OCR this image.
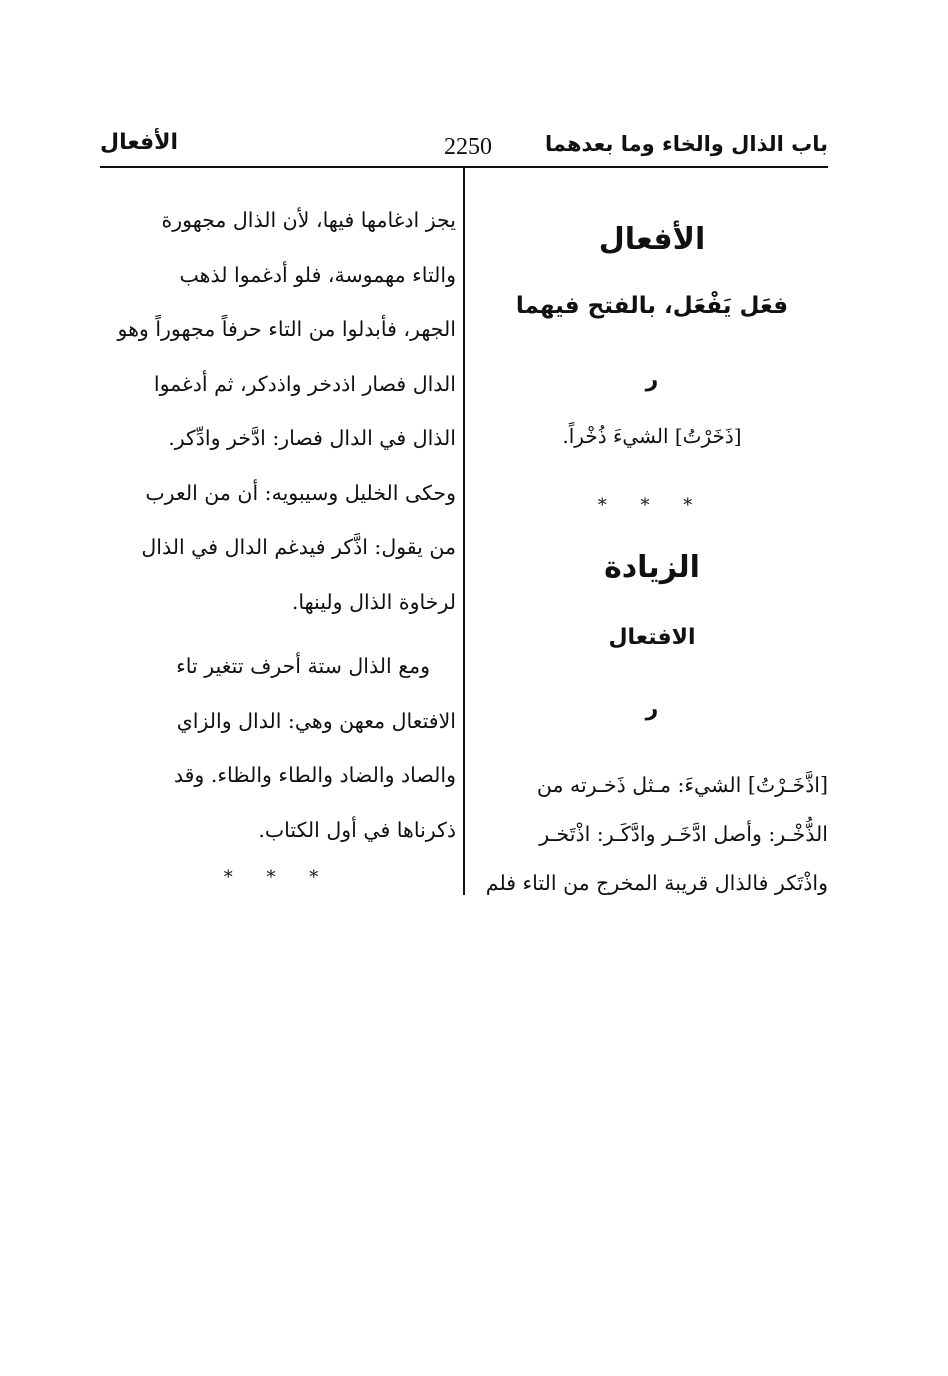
باب الذال والخاء وما بعدهما
2250
الأفعال
الأفعال
فعَل يَفْعَل، بالفتح فيهما
ر
[ذَخَرْتُ] الشيءَ ذُخْراً.
* * *
الزيادة
الافتعال
ر
[اذَّخَـرْتُ] الشيءَ: مـثل ذَخـرته من
الذُّخْـر: وأصل ادَّخَـر وادَّكَـر: اذْتَخـر
واذْتَكر فالذال قريبة المخرج من التاء فلم
يجز ادغامها فيها، لأن الذال مجهورة
والتاء مهموسة، فلو أدغموا لذهب
الجهر، فأبدلوا من التاء حرفاً مجهوراً وهو
الدال فصار اذدخر واذدكر، ثم أدغموا
الذال في الدال فصار: ادَّخر وادِّكر.
وحكى الخليل وسيبويه: أن من العرب
من يقول: اذَّكر فيدغم الدال في الذال
لرخاوة الذال ولينها.
ومع الذال ستة أحرف تتغير تاء
الافتعال معهن وهي: الدال والزاي
والصاد والضاد والطاء والظاء. وقد
ذكرناها في أول الكتاب.
* * *
